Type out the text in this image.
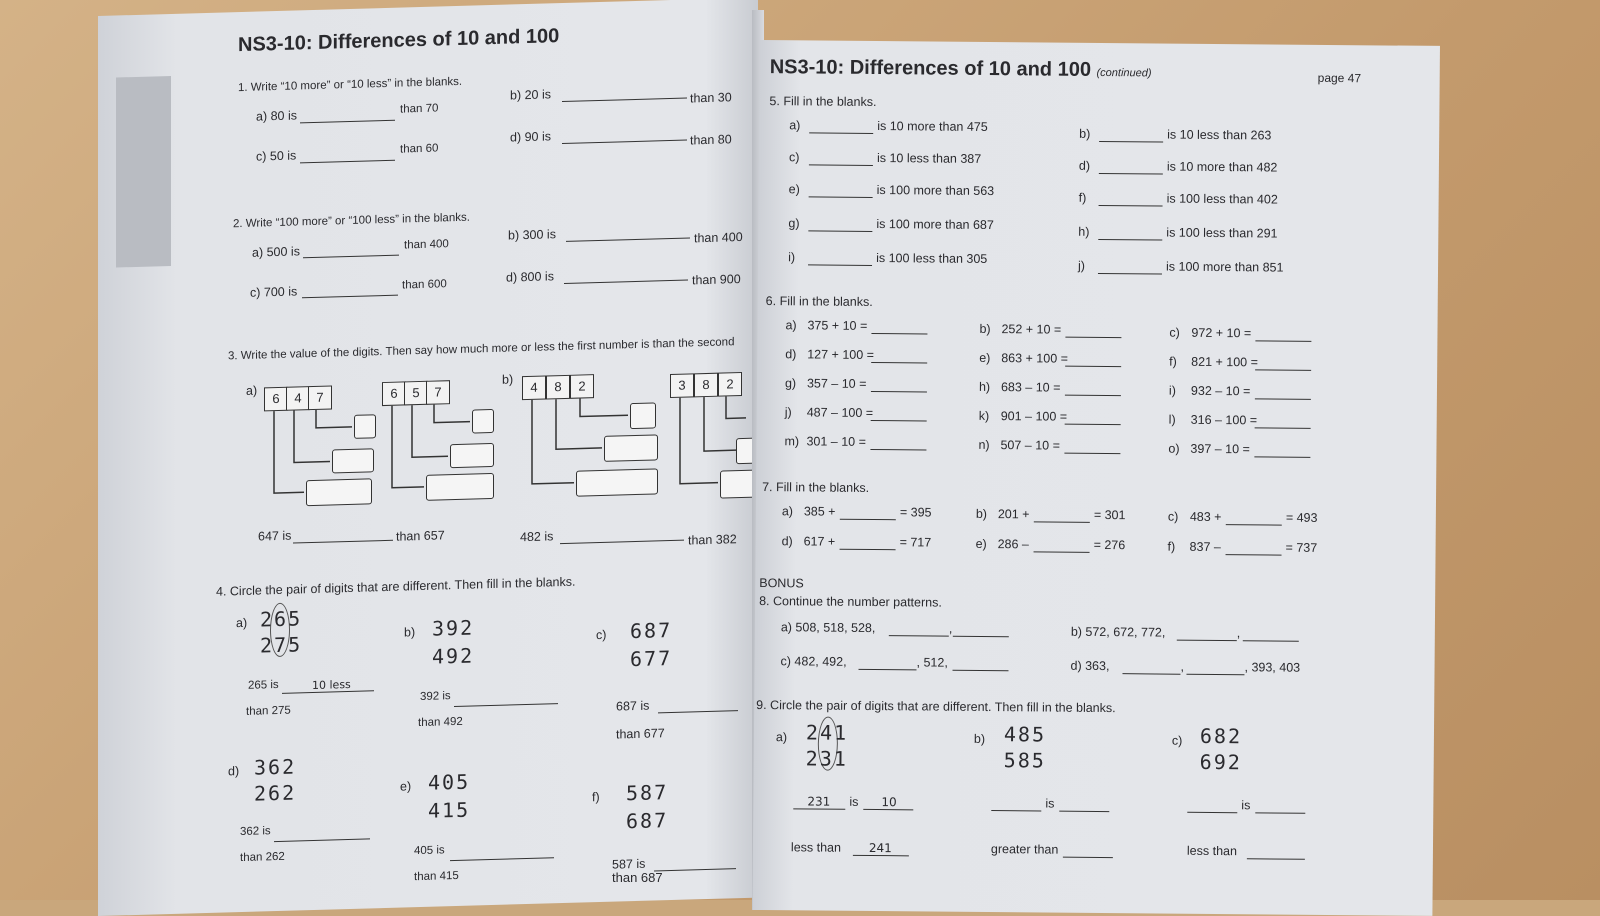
NS3-10: Differences of 10 and 100
1. Write “10 more” or “10 less” in the blanks.
a) 80 is	than 70
b) 20 is	than 30
c) 50 is	than 60
d) 90 is	than 80
2. Write “100 more” or “100 less” in the blanks.
a) 500 is	than 400
b) 300 is	than 400
c) 700 is	than 600
d) 800 is	than 900
3. Write the value of the digits. Then say how much more or less the first number is than the second
a)
b)
6	4	7	6	5	7	4	8	2	3	8	2
647 is	than 657	482 is	than 382
4. Circle the pair of digits that are different. Then fill in the blanks.
a) 265
275
265 is	10 less
than 275
b) 392
492
392 is
than 492
c) 687
677
687 is
than 677
d) 362
262
362 is
than 262
e) 405
415
405 is
than 415
f) 587
687
587 is
than 687
NS3-10: Differences of 10 and 100 (continued)	page 47
5. Fill in the blanks.
a)	is 10 more than 475	b)	is 10 less than 263
c)	is 10 less than 387	d)	is 10 more than 482
e)	is 100 more than 563	f)	is 100 less than 402
g)	is 100 more than 687	h)	is 100 less than 291
i)	is 100 less than 305	j)	is 100 more than 851
6. Fill in the blanks.
a) 375 + 10 =	b) 252 + 10 =	c) 972 + 10 =
d) 127 + 100 =	e) 863 + 100 =	f) 821 + 100 =
g) 357 – 10 =	h) 683 – 10 =	i) 932 – 10 =
j) 487 – 100 =	k) 901 – 100 =	l) 316 – 100 =
m) 301 – 10 =	n) 507 – 10 =	o) 397 – 10 =
7. Fill in the blanks.
a) 385 +	= 395	b) 201 +	= 301	c) 483 +	= 493
d) 617 +	= 717	e) 286 –	= 276	f) 837 –	= 737
BONUS
8. Continue the number patterns.
a) 508, 518, 528,	,	b) 572, 672, 772,	,
c) 482, 492,	, 512,	d) 363,	,	, 393, 403
9. Circle the pair of digits that are different. Then fill in the blanks.
a) 241
231
231 is 10
less than 241
b) 485
585
is
greater than
c) 682
692
is
less than
